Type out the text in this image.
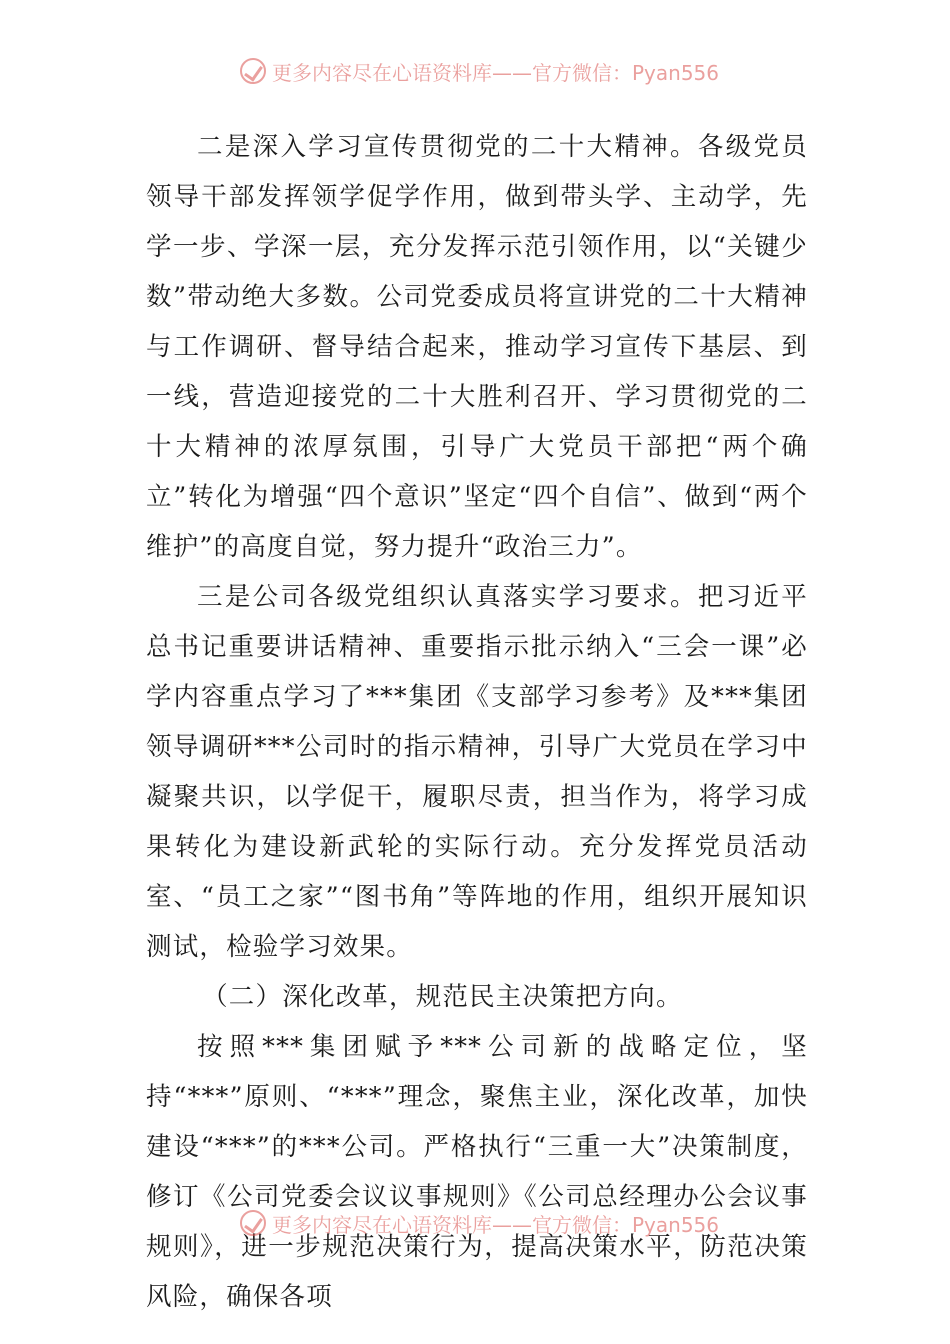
更多内容尽在心语资料库——官方微信：Pyan556

二是深入学习宣传贯彻党的二十大精神。各级党员领导干部发挥领学促学作用，做到带头学、主动学，先学一步、学深一层，充分发挥示范引领作用，以“关键少数”带动绝大多数。公司党委成员将宣讲党的二十大精神与工作调研、督导结合起来，推动学习宣传下基层、到一线，营造迎接党的二十大胜利召开、学习贯彻党的二十大精神的浓厚氛围，引导广大党员干部把“两个确立”转化为增强“四个意识”坚定“四个自信”、做到“两个维护”的高度自觉，努力提升“政治三力”。

三是公司各级党组织认真落实学习要求。把习近平总书记重要讲话精神、重要指示批示纳入“三会一课”必学内容重点学习了***集团《支部学习参考》及***集团领导调研***公司时的指示精神，引导广大党员在学习中凝聚共识，以学促干，履职尽责，担当作为，将学习成果转化为建设新武轮的实际行动。充分发挥党员活动室、“员工之家”“图书角”等阵地的作用，组织开展知识测试，检验学习效果。

（二）深化改革，规范民主决策把方向。

按照***集团赋予***公司新的战略定位，坚持“***”原则、“***”理念，聚焦主业，深化改革，加快建设“***”的***公司。严格执行“三重一大”决策制度，修订《公司党委会议议事规则》《公司总经理办公会议事规则》，进一步规范决策行为，提高决策水平，防范决策风险，确保各项

更多内容尽在心语资料库——官方微信：Pyan556
